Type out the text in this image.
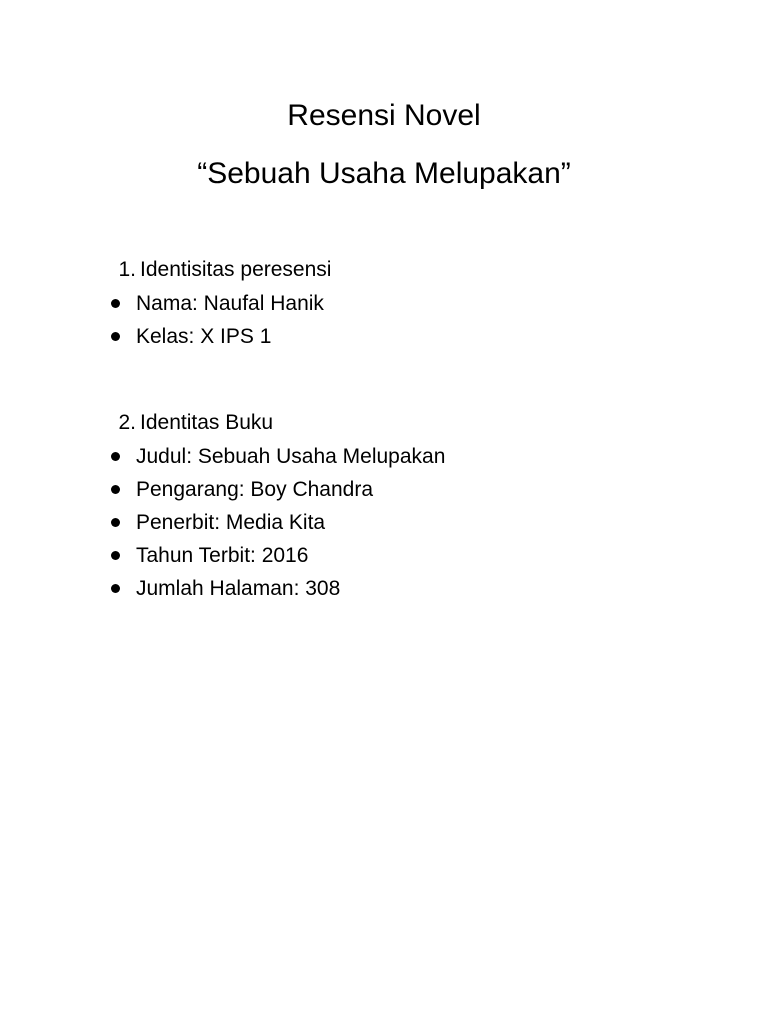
Resensi Novel
“Sebuah Usaha Melupakan”

1. Identisitas peresensi

Nama: Naufal Hanik
Kelas: X IPS 1

2. Identitas Buku

Judul: Sebuah Usaha Melupakan
Pengarang: Boy Chandra
Penerbit: Media Kita
Tahun Terbit: 2016
Jumlah Halaman: 308
